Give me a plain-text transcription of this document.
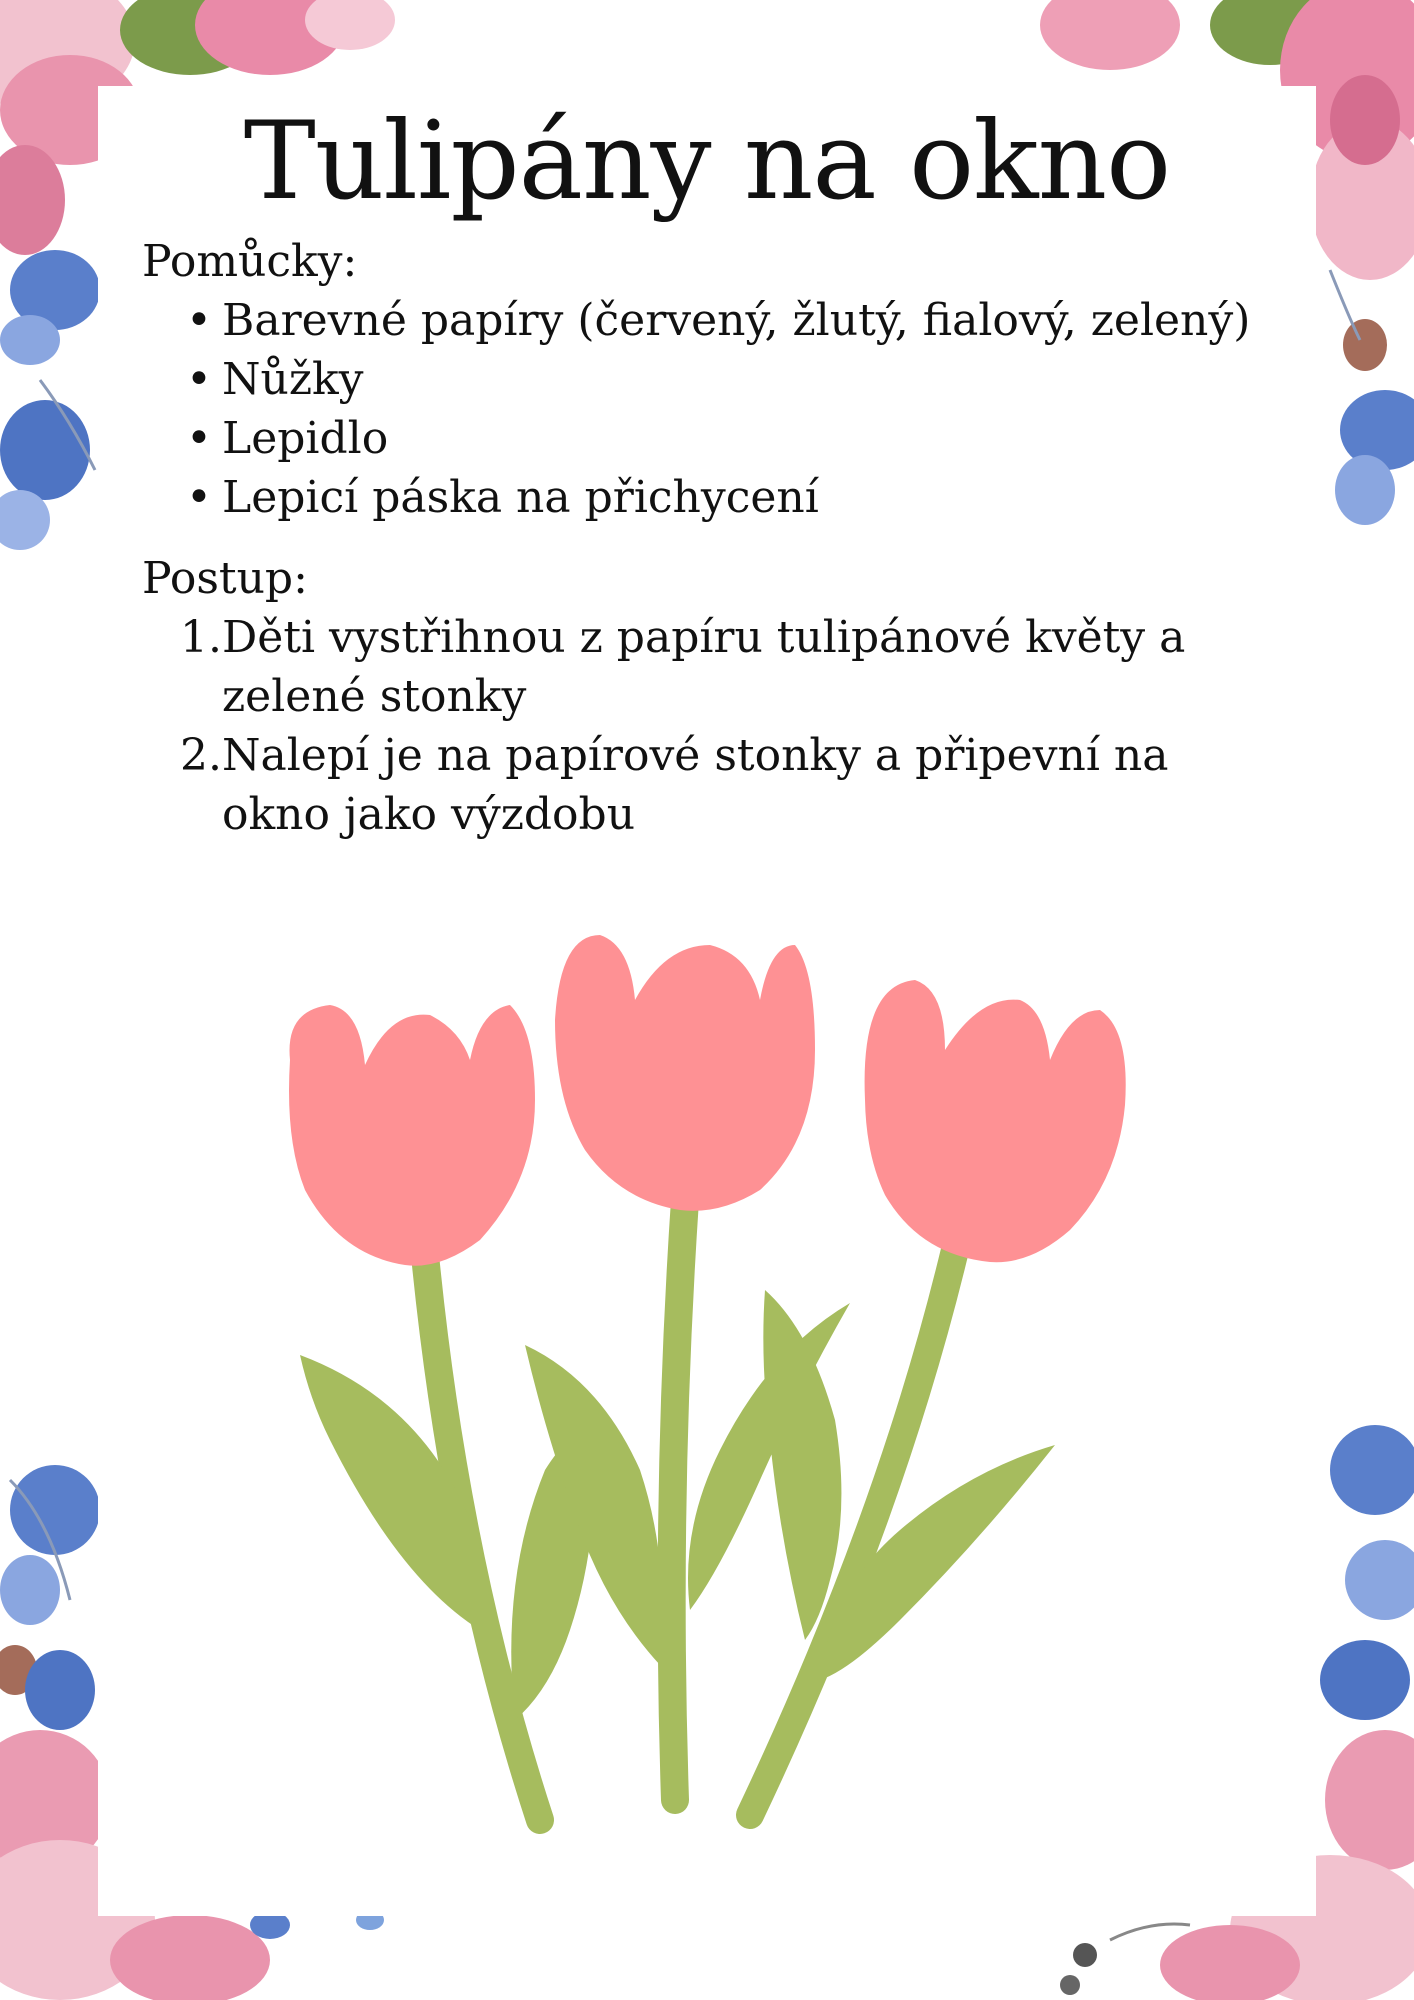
Tulipány na okno

Pomůcky:

• Barevné papíry (červený, žlutý, fialový, zelený)
• Nůžky
• Lepidlo
• Lepicí páska na přichycení

Postup:

1. Děti vystřihnou z papíru tulipánové květy a zelené stonky
2. Nalepí je na papírové stonky a připevní na okno jako výzdobu
